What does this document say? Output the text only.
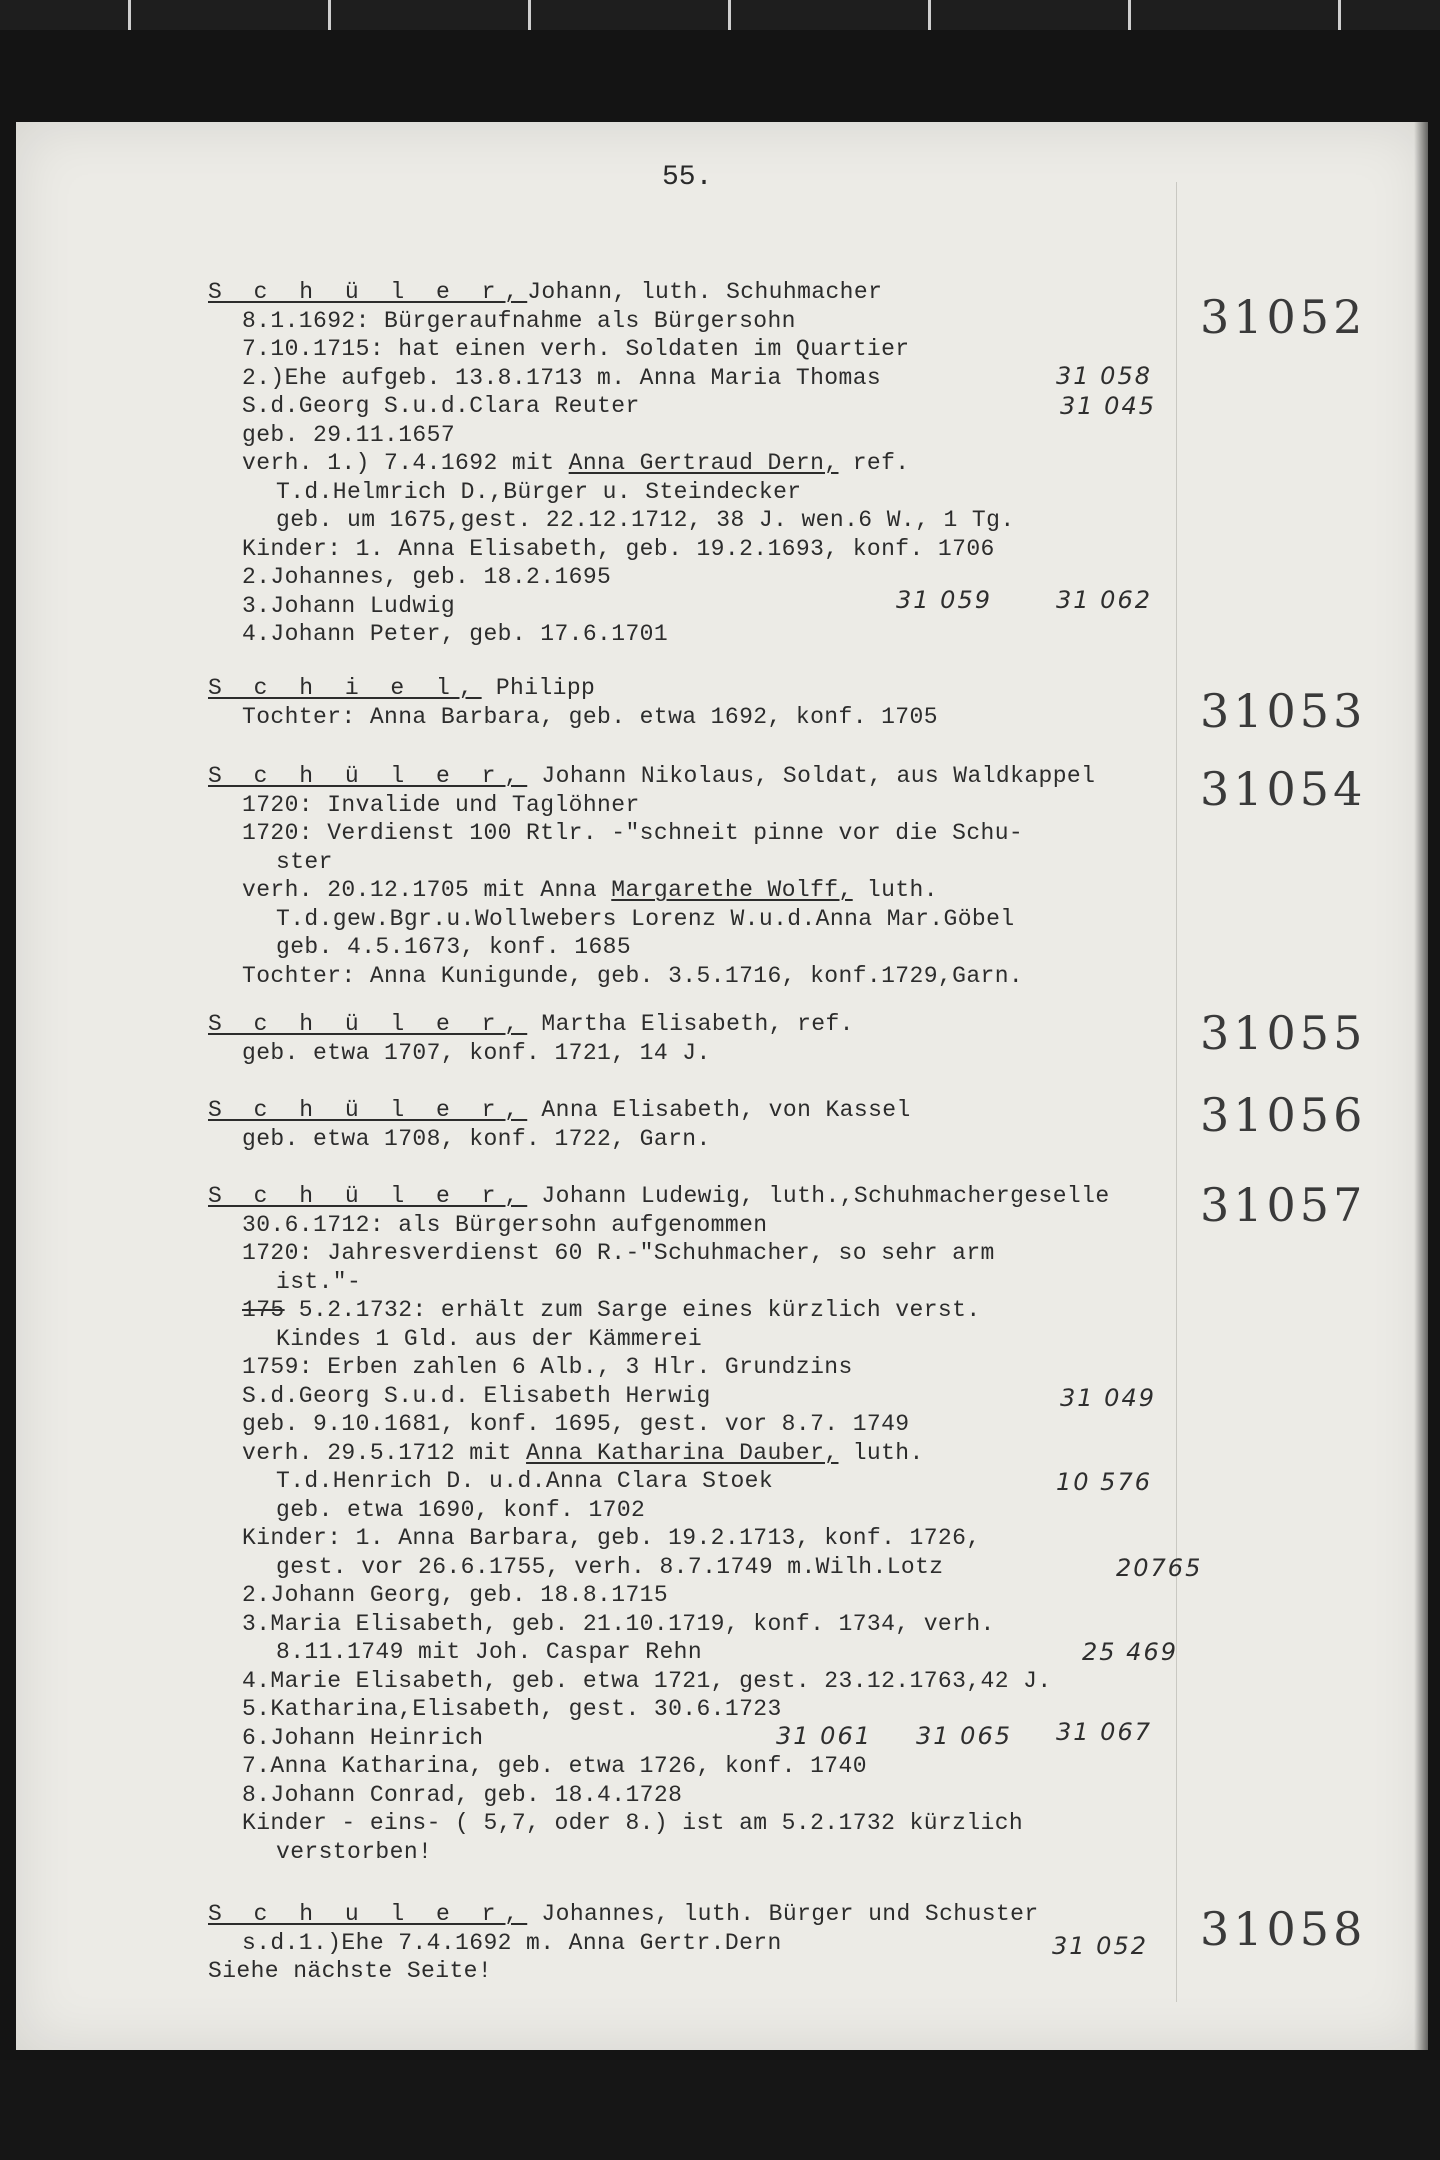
55.
S c h ü l e r,Johann, luth. Schuhmacher
8.1.1692: Bürgeraufnahme als Bürgersohn
7.10.1715: hat einen verh. Soldaten im Quartier
2.)Ehe aufgeb. 13.8.1713 m. Anna Maria Thomas
S.d.Georg S.u.d.Clara Reuter
geb. 29.11.1657
verh. 1.) 7.4.1692 mit Anna Gertraud Dern, ref.
T.d.Helmrich D.,Bürger u. Steindecker
geb. um 1675,gest. 22.12.1712, 38 J. wen.6 W., 1 Tg.
Kinder: 1. Anna Elisabeth, geb. 19.2.1693, konf. 1706
2.Johannes, geb. 18.2.1695
3.Johann Ludwig
4.Johann Peter, geb. 17.6.1701
31052
31 058
31 045
31 059	31 062
S c h i e l, Philipp
Tochter: Anna Barbara, geb. etwa 1692, konf. 1705	31053
S c h ü l e r, Johann Nikolaus, Soldat, aus Waldkappel
1720: Invalide und Taglöhner
1720: Verdienst 100 Rtlr. -"schneit pinne vor die Schu-
ster
verh. 20.12.1705 mit Anna Margarethe Wolff, luth.
T.d.gew.Bgr.u.Wollwebers Lorenz W.u.d.Anna Mar.Göbel
geb. 4.5.1673, konf. 1685
Tochter: Anna Kunigunde, geb. 3.5.1716, konf.1729,Garn.
31054
S c h ü l e r, Martha Elisabeth, ref.
geb. etwa 1707, konf. 1721, 14 J.	31055
S c h ü l e r, Anna Elisabeth, von Kassel
geb. etwa 1708, konf. 1722, Garn.	31056
S c h ü l e r, Johann Ludewig, luth.,Schuhmachergeselle
30.6.1712: als Bürgersohn aufgenommen
1720: Jahresverdienst 60 R.-"Schuhmacher, so sehr arm
ist."-
175 5.2.1732: erhält zum Sarge eines kürzlich verst.
Kindes 1 Gld. aus der Kämmerei
1759: Erben zahlen 6 Alb., 3 Hlr. Grundzins
S.d.Georg S.u.d. Elisabeth Herwig
geb. 9.10.1681, konf. 1695, gest. vor 8.7. 1749
verh. 29.5.1712 mit Anna Katharina Dauber, luth.
T.d.Henrich D. u.d.Anna Clara Stoek
geb. etwa 1690, konf. 1702
Kinder: 1. Anna Barbara, geb. 19.2.1713, konf. 1726,
gest. vor 26.6.1755, verh. 8.7.1749 m.Wilh.Lotz
2.Johann Georg, geb. 18.8.1715
3.Maria Elisabeth, geb. 21.10.1719, konf. 1734, verh.
8.11.1749 mit Joh. Caspar Rehn
4.Marie Elisabeth, geb. etwa 1721, gest. 23.12.1763,42 J.
5.Katharina,Elisabeth, gest. 30.6.1723
6.Johann Heinrich
7.Anna Katharina, geb. etwa 1726, konf. 1740
8.Johann Conrad, geb. 18.4.1728
Kinder - eins- ( 5,7, oder 8.) ist am 5.2.1732 kürzlich
verstorben!
31057
31 049
10 576
20765
25 469
31 061 31 065 31 067
S c h u l e r, Johannes, luth. Bürger und Schuster
s.d.1.)Ehe 7.4.1692 m. Anna Gertr.Dern
Siehe nächste Seite!
31058
31 052
